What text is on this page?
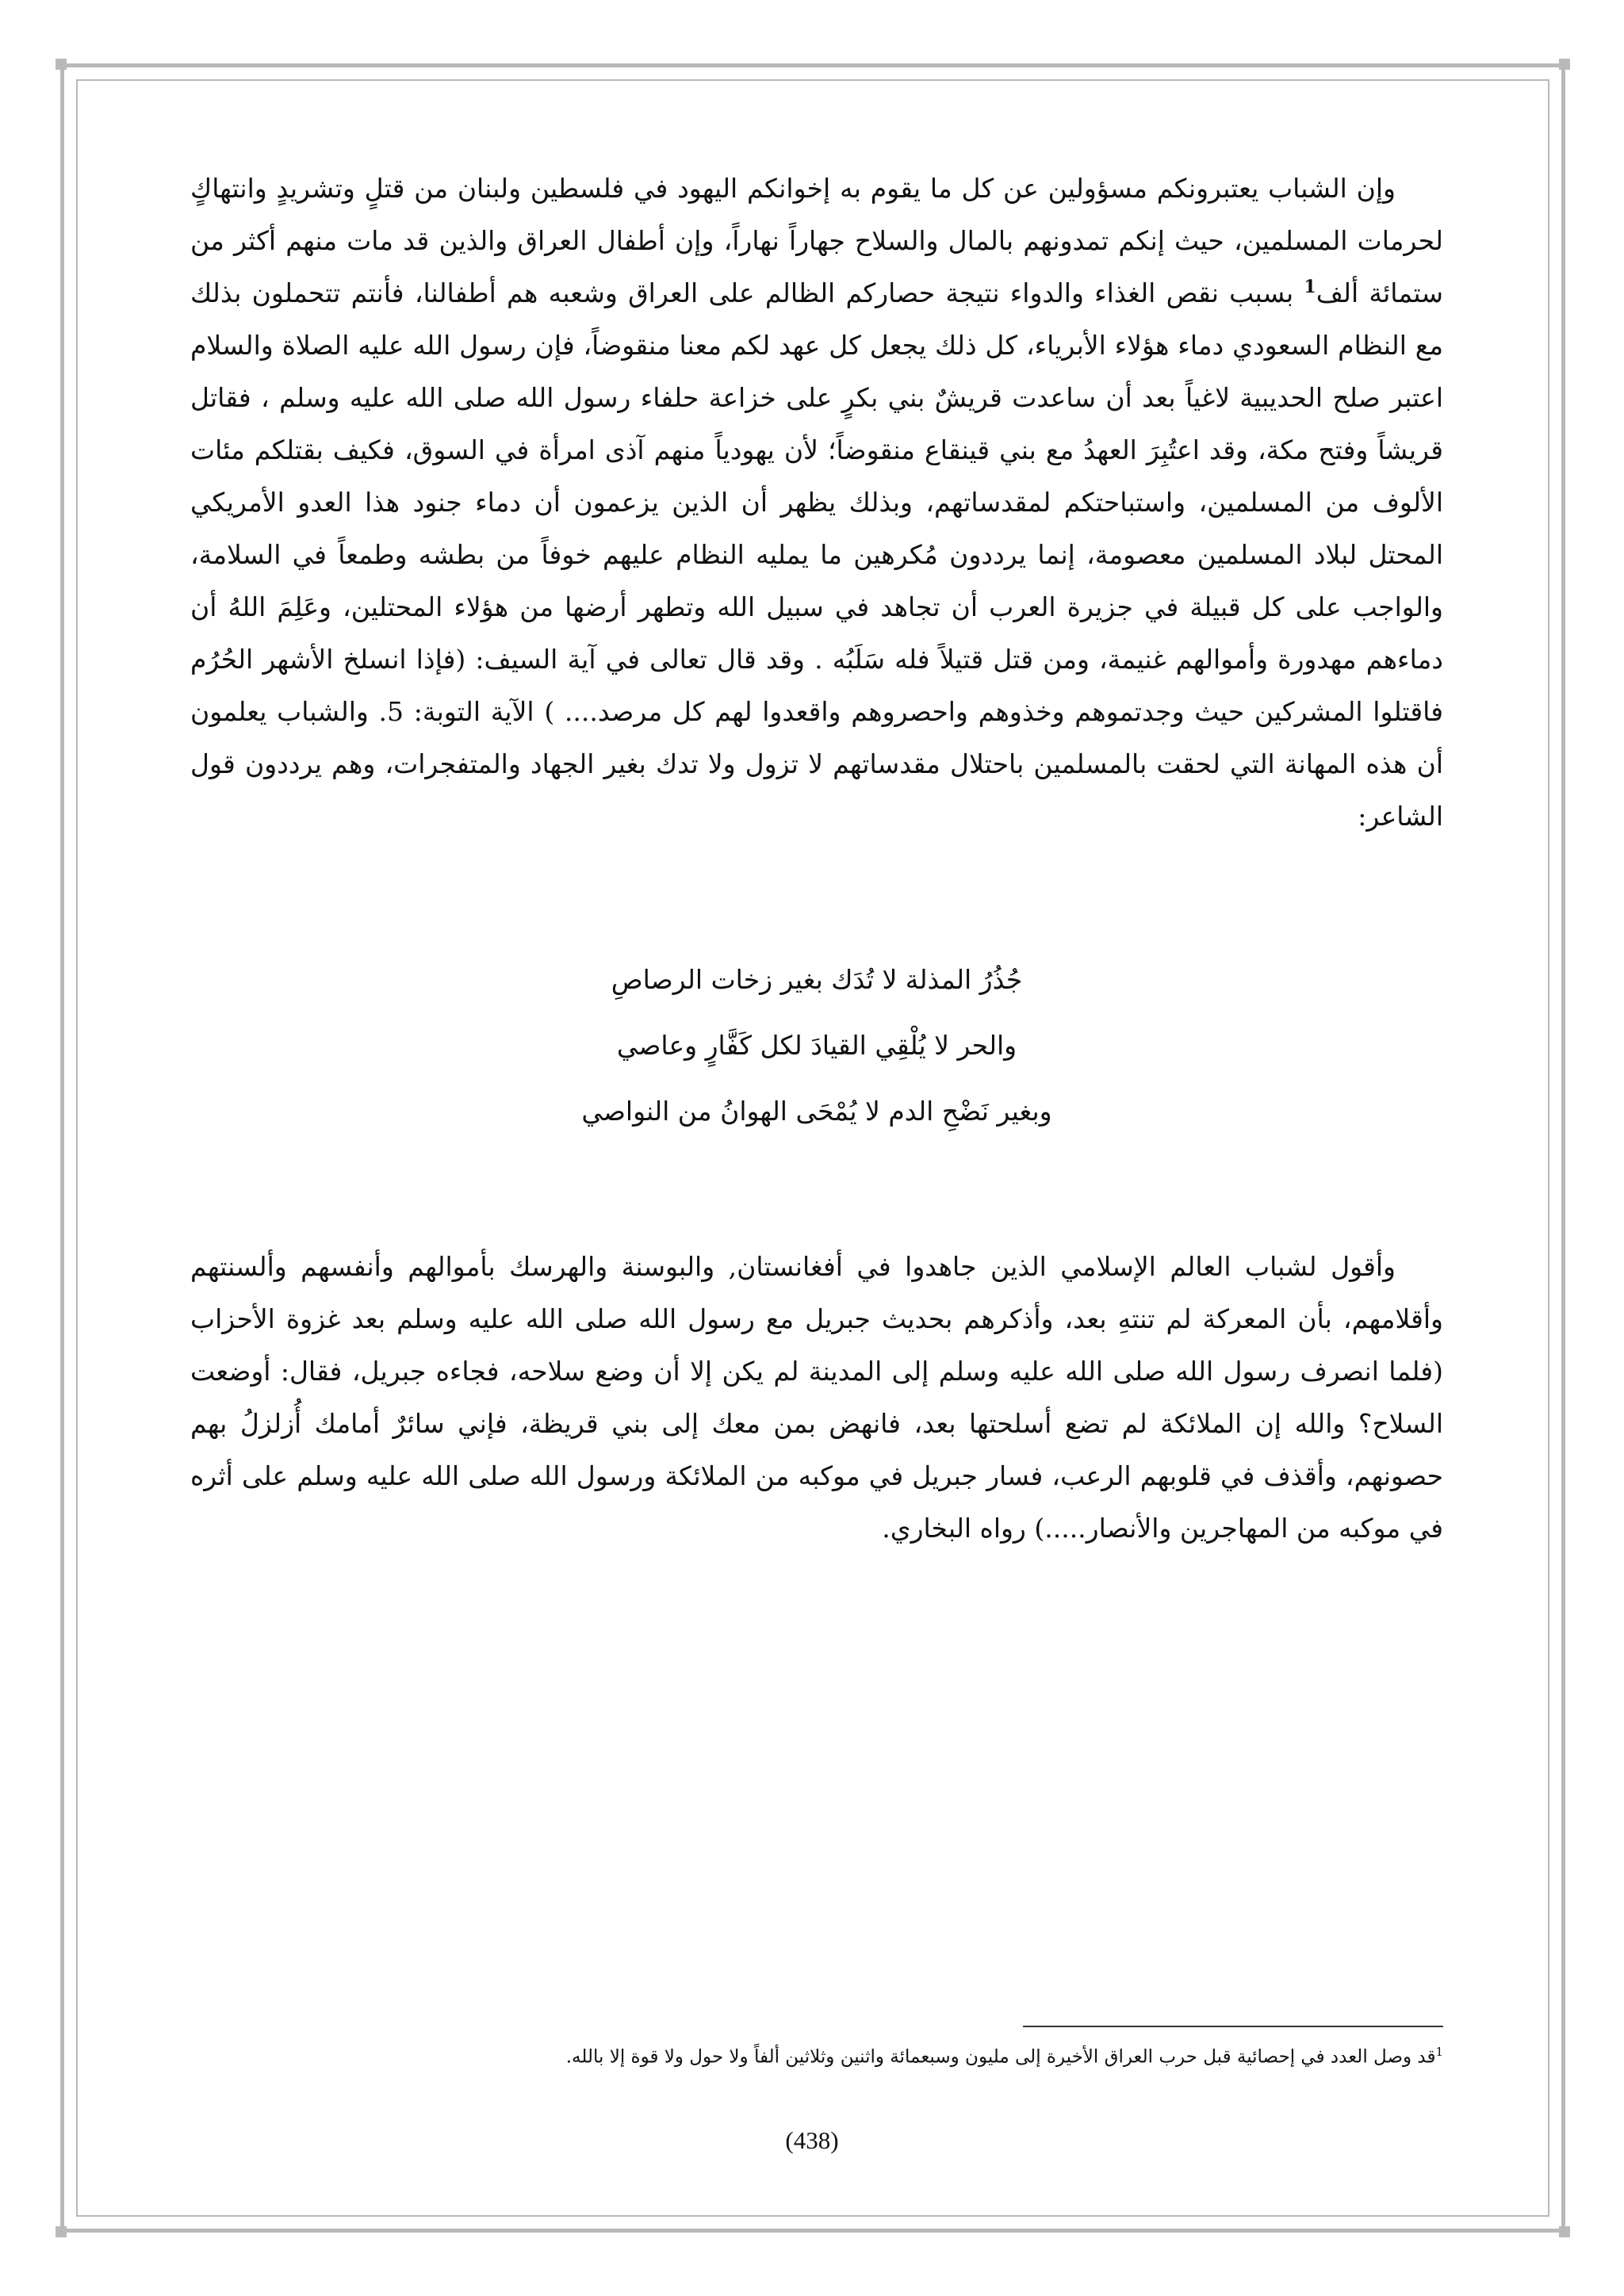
وإن الشباب يعتبرونكم مسؤولين عن كل ما يقوم به إخوانكم اليهود في فلسطين ولبنان من قتلٍ وتشريدٍ وانتهاكٍ لحرمات المسلمين، حيث إنكم تمدونهم بالمال والسلاح جهاراً نهاراً، وإن أطفال العراق والذين قد مات منهم أكثر من ستمائة ألف$^1$ بسبب نقص الغذاء والدواء نتيجة حصاركم الظالم على العراق وشعبه هم أطفالنا، فأنتم تتحملون بذلك مع النظام السعودي دماء هؤلاء الأبرياء، كل ذلك يجعل كل عهد لكم معنا منقوضاً، فإن رسول الله عليه الصلاة والسلام اعتبر صلح الحديبية لاغياً بعد أن ساعدت قريشٌ بني بكرٍ على خزاعة حلفاء رسول الله صلى الله عليه وسلم ، فقاتل قريشاً وفتح مكة، وقد اعتُبِرَ العهدُ مع بني قينقاع منقوضاً؛ لأن يهودياً منهم آذى امرأة في السوق، فكيف بقتلكم مئات الألوف من المسلمين، واستباحتكم لمقدساتهم، وبذلك يظهر أن الذين يزعمون أن دماء جنود هذا العدو الأمريكي المحتل لبلاد المسلمين معصومة، إنما يرددون مُكرهين ما يمليه النظام عليهم خوفاً من بطشه وطمعاً في السلامة، والواجب على كل قبيلة في جزيرة العرب أن تجاهد في سبيل الله وتطهر أرضها من هؤلاء المحتلين، وعَلِمَ اللهُ أن دماءهم مهدورة وأموالهم غنيمة، ومن قتل قتيلاً فله سَلَبُه . وقد قال تعالى في آية السيف: (فإذا انسلخ الأشهر الحُرُم فاقتلوا المشركين حيث وجدتموهم وخذوهم واحصروهم واقعدوا لهم كل مرصد.... ) الآية التوبة: 5. والشباب يعلمون أن هذه المهانة التي لحقت بالمسلمين باحتلال مقدساتهم لا تزول ولا تدك بغير الجهاد والمتفجرات، وهم يرددون قول الشاعر:

جُذُرُ المذلة لا تُدَك بغير زخات الرصاصِ
والحر لا يُلْقِي القيادَ لكل كَفَّارٍ وعاصي
وبغير نَضْحِ الدم لا يُمْحَى الهوانُ من النواصي

وأقول لشباب العالم الإسلامي الذين جاهدوا في أفغانستان, والبوسنة والهرسك بأموالهم وأنفسهم وألسنتهم وأقلامهم، بأن المعركة لم تنتهِ بعد، وأذكرهم بحديث جبريل مع رسول الله صلى الله عليه وسلم بعد غزوة الأحزاب (فلما انصرف رسول الله صلى الله عليه وسلم إلى المدينة لم يكن إلا أن وضع سلاحه، فجاءه جبريل، فقال: أوضعت السلاح؟ والله إن الملائكة لم تضع أسلحتها بعد، فانهض بمن معك إلى بني قريظة، فإني سائرٌ أمامك أُزلزلُ بهم حصونهم، وأقذف في قلوبهم الرعب، فسار جبريل في موكبه من الملائكة ورسول الله صلى الله عليه وسلم على أثره في موكبه من المهاجرين والأنصار.....) رواه البخاري.

$^1$قد وصل العدد في إحصائية قبل حرب العراق الأخيرة إلى مليون وسبعمائة واثنين وثلاثين ألفاً ولا حول ولا قوة إلا بالله.
(438)
